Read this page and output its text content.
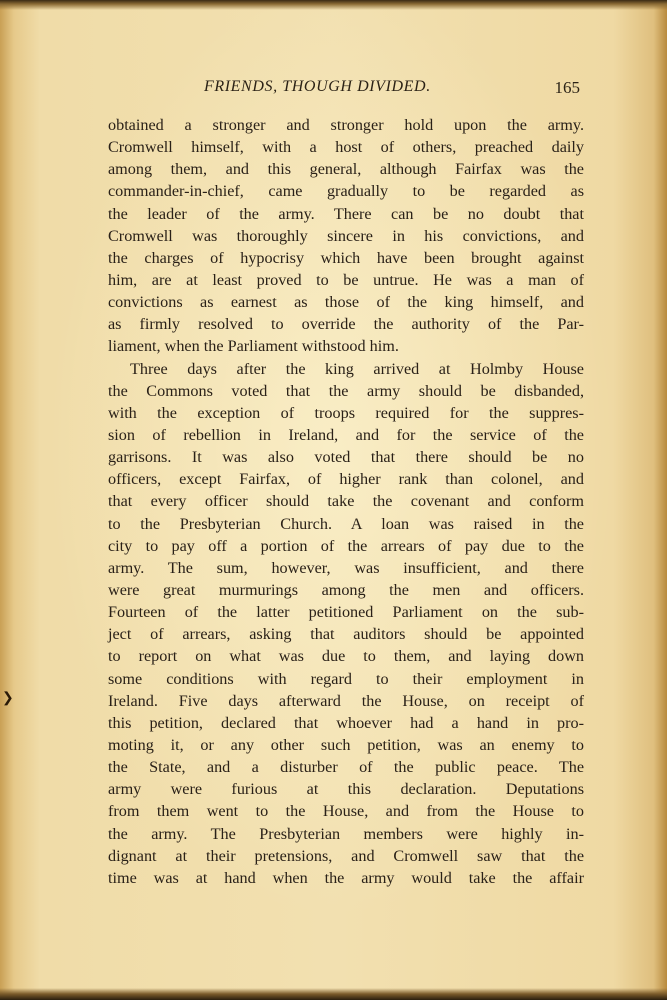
FRIENDS, THOUGH DIVIDED.	165
❯
obtained a stronger and stronger hold upon the army.
Cromwell himself, with a host of others, preached daily
among them, and this general, although Fairfax was the
commander-in-chief, came gradually to be regarded as
the leader of the army. There can be no doubt that
Cromwell was thoroughly sincere in his convictions, and
the charges of hypocrisy which have been brought against
him, are at least proved to be untrue. He was a man of
convictions as earnest as those of the king himself, and
as firmly resolved to override the authority of the Par-
liament, when the Parliament withstood him.
Three days after the king arrived at Holmby House
the Commons voted that the army should be disbanded,
with the exception of troops required for the suppres-
sion of rebellion in Ireland, and for the service of the
garrisons. It was also voted that there should be no
officers, except Fairfax, of higher rank than colonel, and
that every officer should take the covenant and conform
to the Presbyterian Church. A loan was raised in the
city to pay off a portion of the arrears of pay due to the
army. The sum, however, was insufficient, and there
were great murmurings among the men and officers.
Fourteen of the latter petitioned Parliament on the sub-
ject of arrears, asking that auditors should be appointed
to report on what was due to them, and laying down
some conditions with regard to their employment in
Ireland. Five days afterward the House, on receipt of
this petition, declared that whoever had a hand in pro-
moting it, or any other such petition, was an enemy to
the State, and a disturber of the public peace. The
army were furious at this declaration. Deputations
from them went to the House, and from the House to
the army. The Presbyterian members were highly in-
dignant at their pretensions, and Cromwell saw that the
time was at hand when the army would take the affair
